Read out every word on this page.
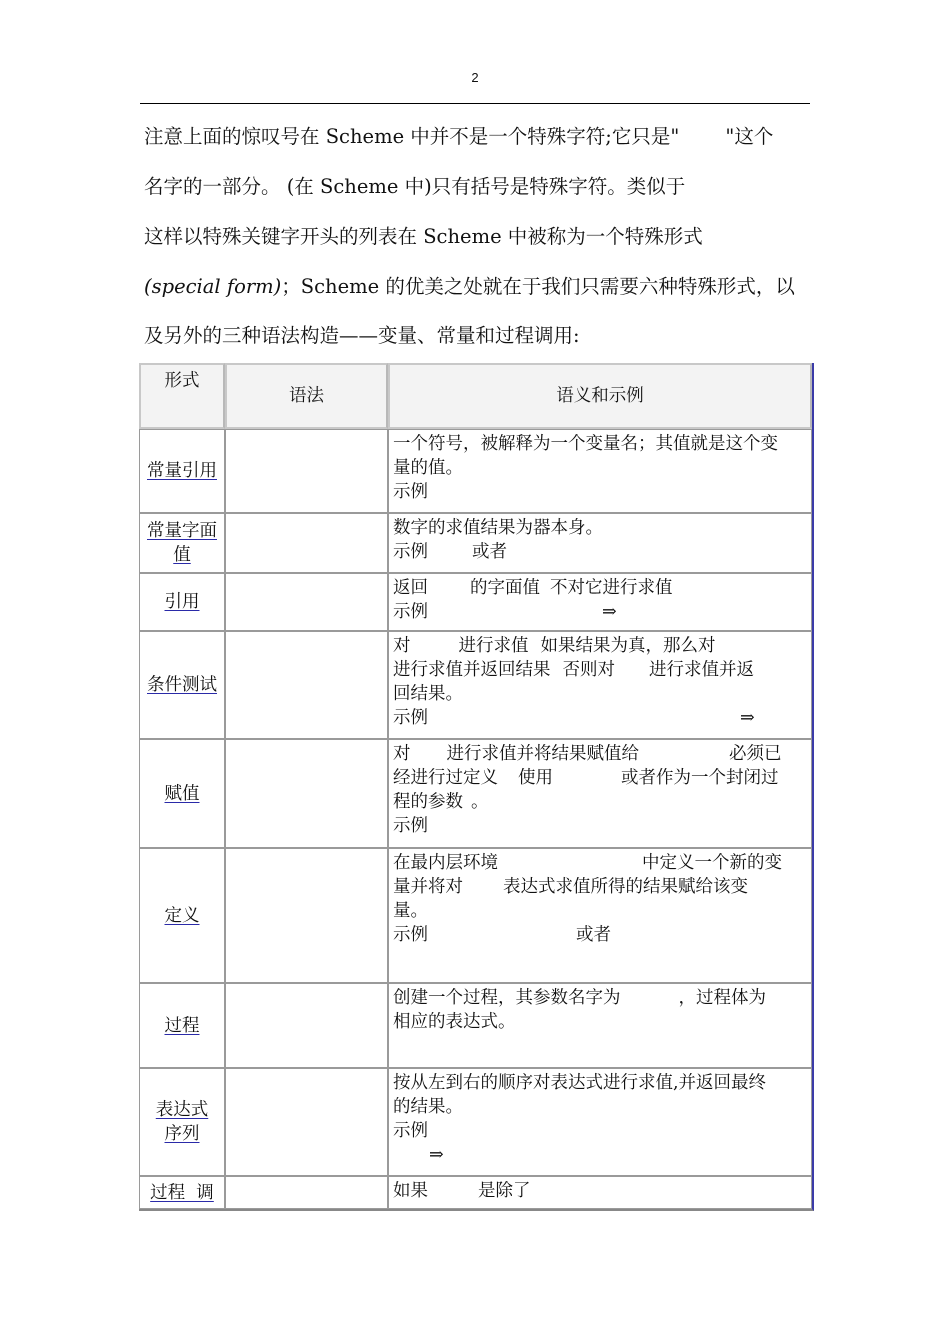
2
注意上面的惊叹号在 Scheme 中并不是一个特殊字符;它只是" "这个
名字的一部分。 (在 Scheme 中)只有括号是特殊字符。类似于
这样以特殊关键字开头的列表在 Scheme 中被称为一个特殊形式
(special form)；Scheme 的优美之处就在于我们只需要六种特殊形式，以
及另外的三种语法构造——变量、常量和过程调用:
形式	语法	语义和示例
常量引用		一个符号，被解释为一个变量名；其值就是这个变
量的值。
示例

常量字面
值		数字的求值结果为器本身。
示例 或者

引用		返回 的字面值 不对它进行求值
示例 ⇒

条件测试		对 进行求值 如果结果为真，那么对
进行求值并返回结果 否则对 进行求值并返
回结果。
示例 ⇒

赋值		对 进行求值并将结果赋值给 必须已
经进行过定义 使用 或者作为一个封闭过
程的参数 。
示例

定义		在最内层环境 中定义一个新的变
量并将对 表达式求值所得的结果赋给该变
量。
示例 或者

过程		创建一个过程，其参数名字为 ，过程体为
相应的表达式。

表达式
序列		按从左到右的顺序对表达式进行求值,并返回最终
的结果。
示例
⇒

过程  调		如果 是除了
